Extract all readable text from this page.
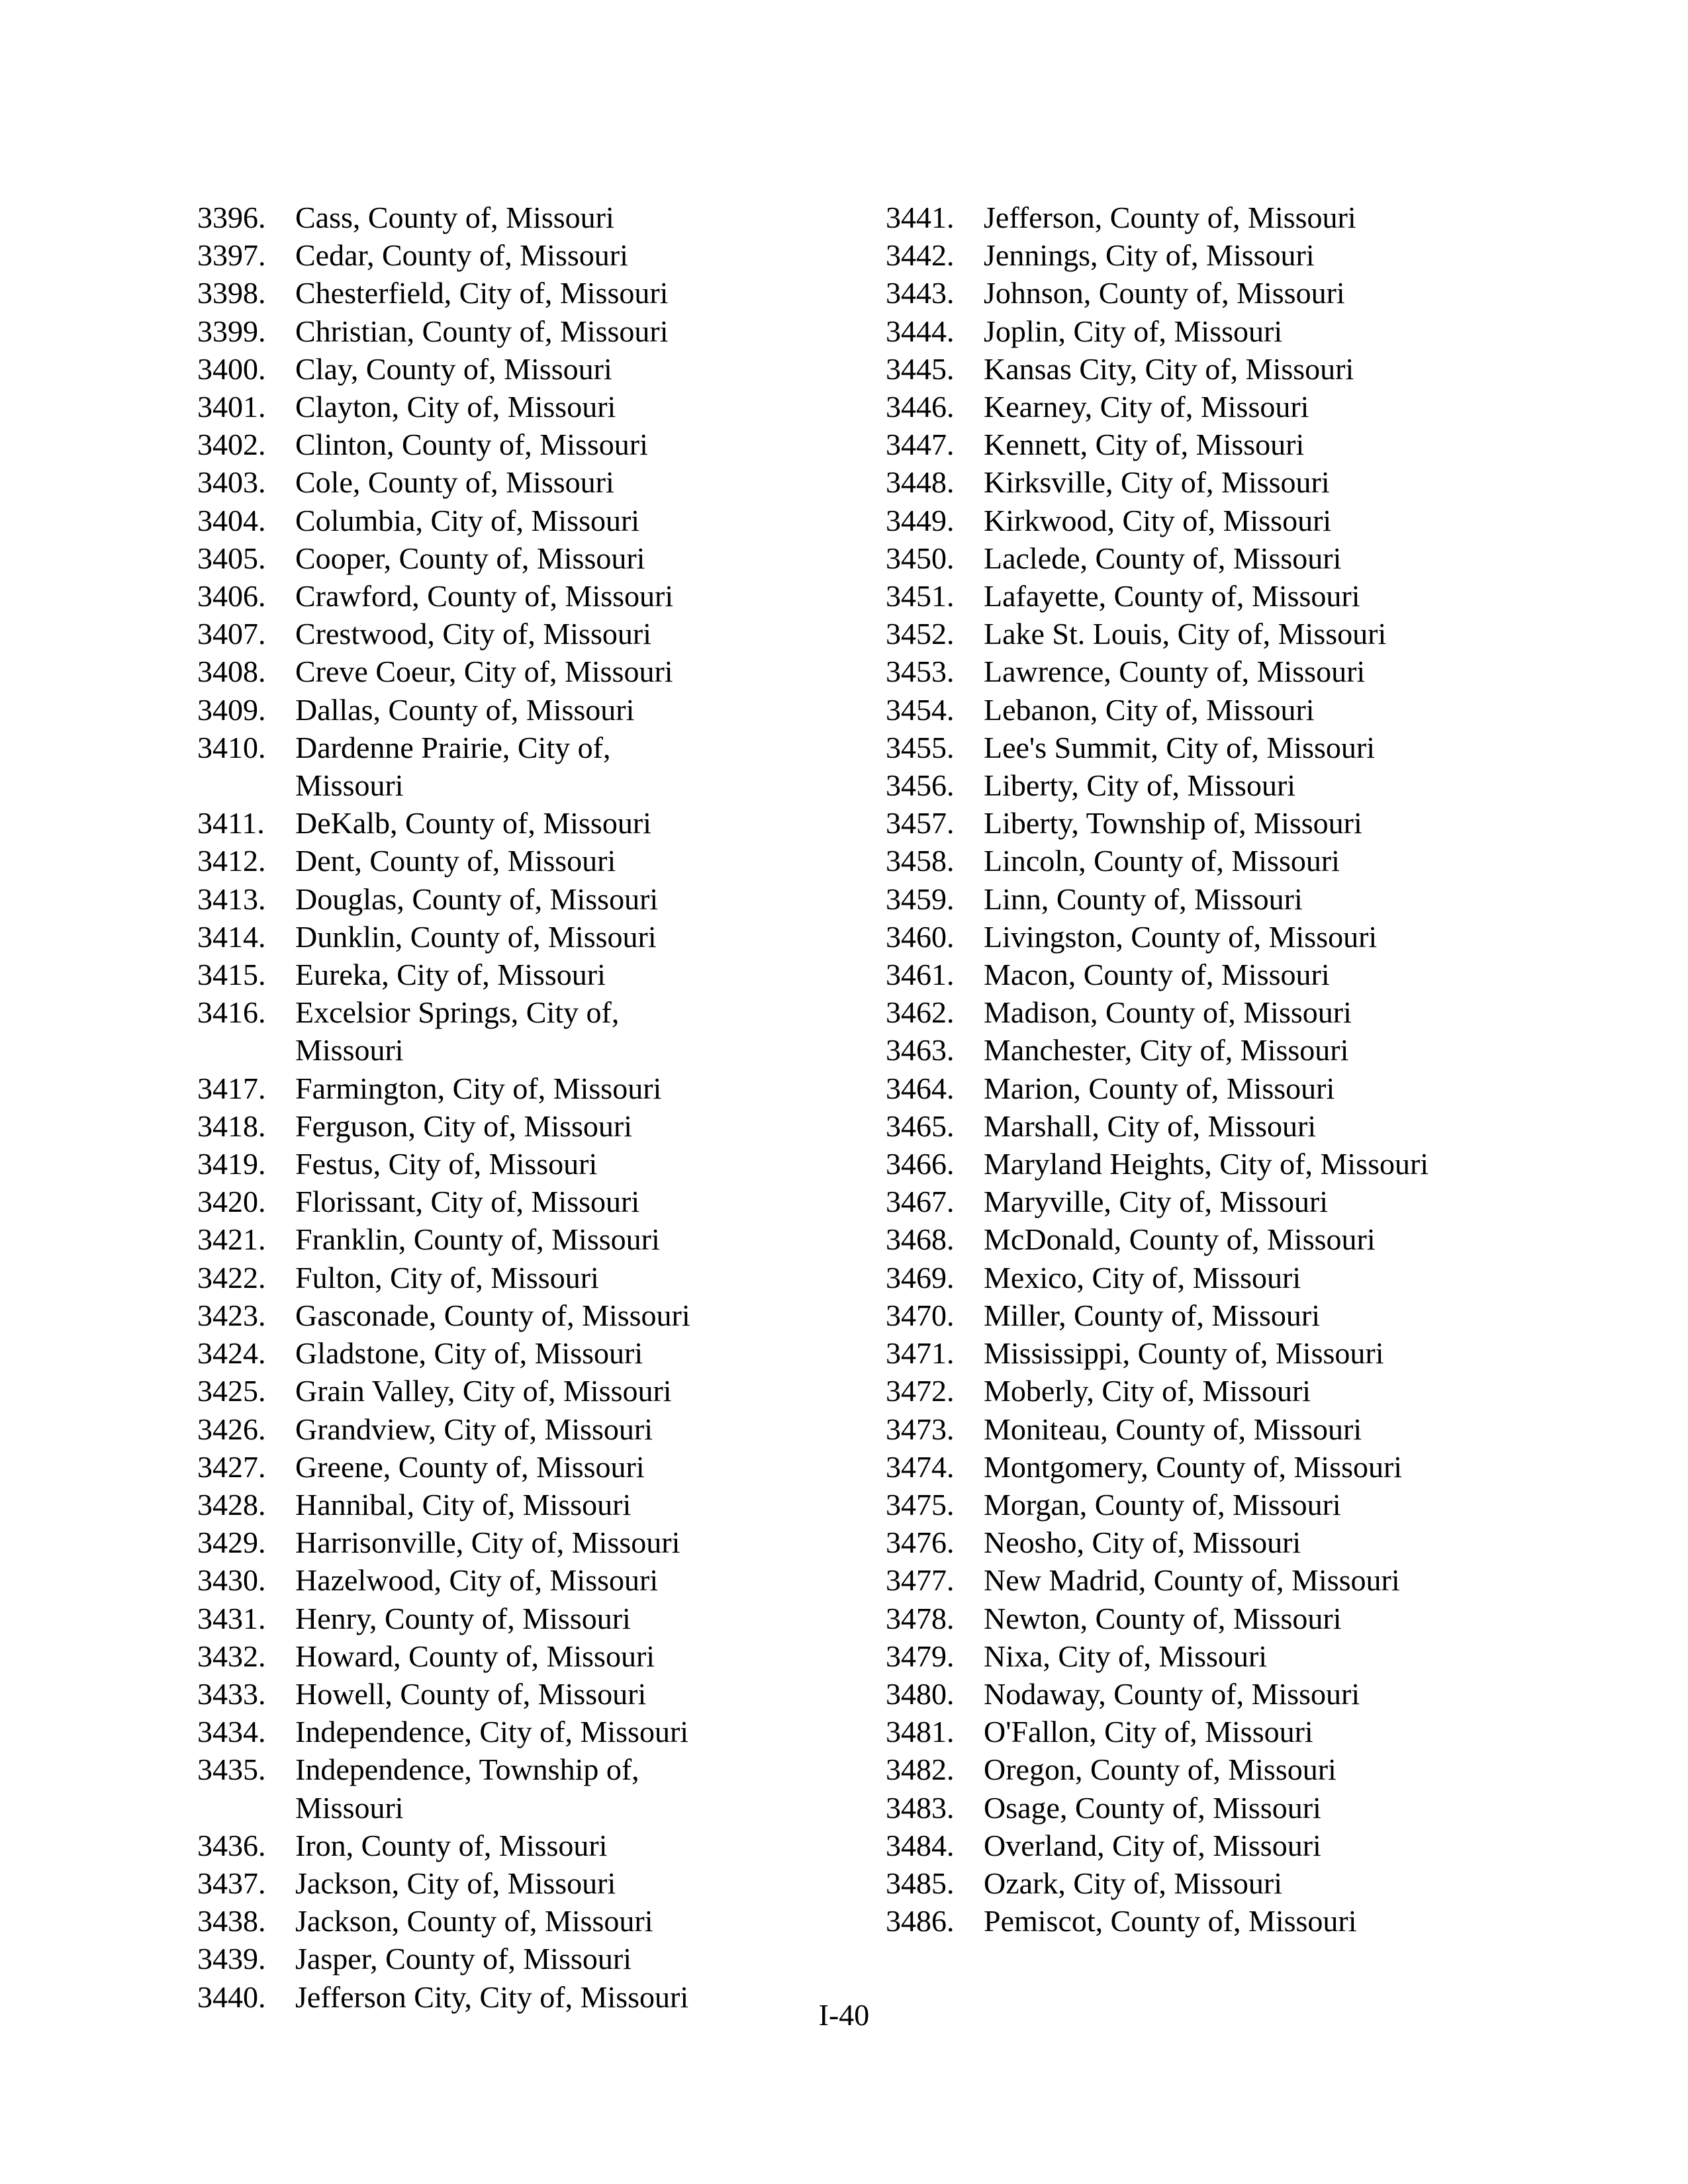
3396. Cass, County of, Missouri
3397. Cedar, County of, Missouri
3398. Chesterfield, City of, Missouri
3399. Christian, County of, Missouri
3400. Clay, County of, Missouri
3401. Clayton, City of, Missouri
3402. Clinton, County of, Missouri
3403. Cole, County of, Missouri
3404. Columbia, City of, Missouri
3405. Cooper, County of, Missouri
3406. Crawford, County of, Missouri
3407. Crestwood, City of, Missouri
3408. Creve Coeur, City of, Missouri
3409. Dallas, County of, Missouri
3410. Dardenne Prairie, City of, Missouri
3411.	DeKalb, County of, Missouri
3412. Dent, County of, Missouri
3413. Douglas, County of, Missouri
3414. Dunklin, County of, Missouri
3415. Eureka, City of, Missouri
3416. Excelsior Springs, City of, Missouri
3417. Farmington, City of, Missouri
3418. Ferguson, City of, Missouri
3419. Festus, City of, Missouri
3420. Florissant, City of, Missouri
3421. Franklin, County of, Missouri
3422. Fulton, City of, Missouri
3423. Gasconade, County of, Missouri
3424. Gladstone, City of, Missouri
3425. Grain Valley, City of, Missouri
3426. Grandview, City of, Missouri
3427. Greene, County of, Missouri
3428. Hannibal, City of, Missouri
3429. Harrisonville, City of, Missouri
3430. Hazelwood, City of, Missouri
3431. Henry, County of, Missouri
3432. Howard, County of, Missouri
3433. Howell, County of, Missouri
3434. Independence, City of, Missouri
3435. Independence, Township of, Missouri
3436. Iron, County of, Missouri
3437. Jackson, City of, Missouri
3438. Jackson, County of, Missouri
3439. Jasper, County of, Missouri
3440. Jefferson City, City of, Missouri
3441. Jefferson, County of, Missouri
3442. Jennings, City of, Missouri
3443. Johnson, County of, Missouri
3444. Joplin, City of, Missouri
3445. Kansas City, City of, Missouri
3446. Kearney, City of, Missouri
3447. Kennett, City of, Missouri
3448. Kirksville, City of, Missouri
3449. Kirkwood, City of, Missouri
3450. Laclede, County of, Missouri
3451. Lafayette, County of, Missouri
3452. Lake St. Louis, City of, Missouri
3453. Lawrence, County of, Missouri
3454. Lebanon, City of, Missouri
3455. Lee's Summit, City of, Missouri
3456. Liberty, City of, Missouri
3457. Liberty, Township of, Missouri
3458. Lincoln, County of, Missouri
3459. Linn, County of, Missouri
3460. Livingston, County of, Missouri
3461. Macon, County of, Missouri
3462. Madison, County of, Missouri
3463. Manchester, City of, Missouri
3464. Marion, County of, Missouri
3465. Marshall, City of, Missouri
3466. Maryland Heights, City of, Missouri
3467. Maryville, City of, Missouri
3468. McDonald, County of, Missouri
3469. Mexico, City of, Missouri
3470. Miller, County of, Missouri
3471. Mississippi, County of, Missouri
3472. Moberly, City of, Missouri
3473. Moniteau, County of, Missouri
3474. Montgomery, County of, Missouri
3475. Morgan, County of, Missouri
3476. Neosho, City of, Missouri
3477. New Madrid, County of, Missouri
3478. Newton, County of, Missouri
3479. Nixa, City of, Missouri
3480. Nodaway, County of, Missouri
3481. O'Fallon, City of, Missouri
3482. Oregon, County of, Missouri
3483. Osage, County of, Missouri
3484. Overland, City of, Missouri
3485. Ozark, City of, Missouri
3486. Pemiscot, County of, Missouri
I-40
